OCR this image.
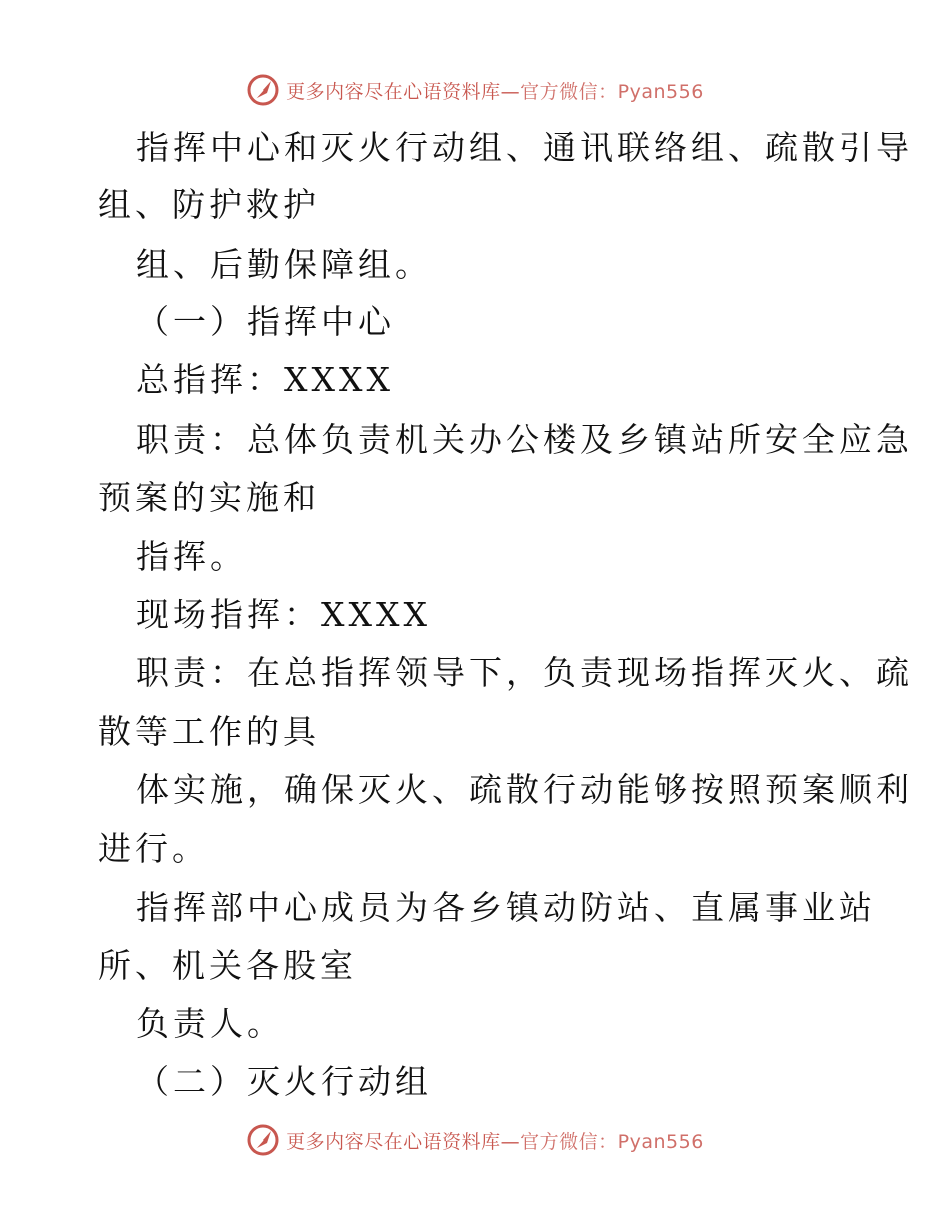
更多内容尽在心语资料库—官方微信：Pyan556
指挥中心和灭火行动组、通讯联络组、疏散引导
组、防护救护
组、后勤保障组。
（一）指挥中心
总指挥：XXXX
职责：总体负责机关办公楼及乡镇站所安全应急
预案的实施和
指挥。
现场指挥：XXXX
职责：在总指挥领导下，负责现场指挥灭火、疏
散等工作的具
体实施，确保灭火、疏散行动能够按照预案顺利
进行。
指挥部中心成员为各乡镇动防站、直属事业站
所、机关各股室
负责人。
（二）灭火行动组
更多内容尽在心语资料库—官方微信：Pyan556
